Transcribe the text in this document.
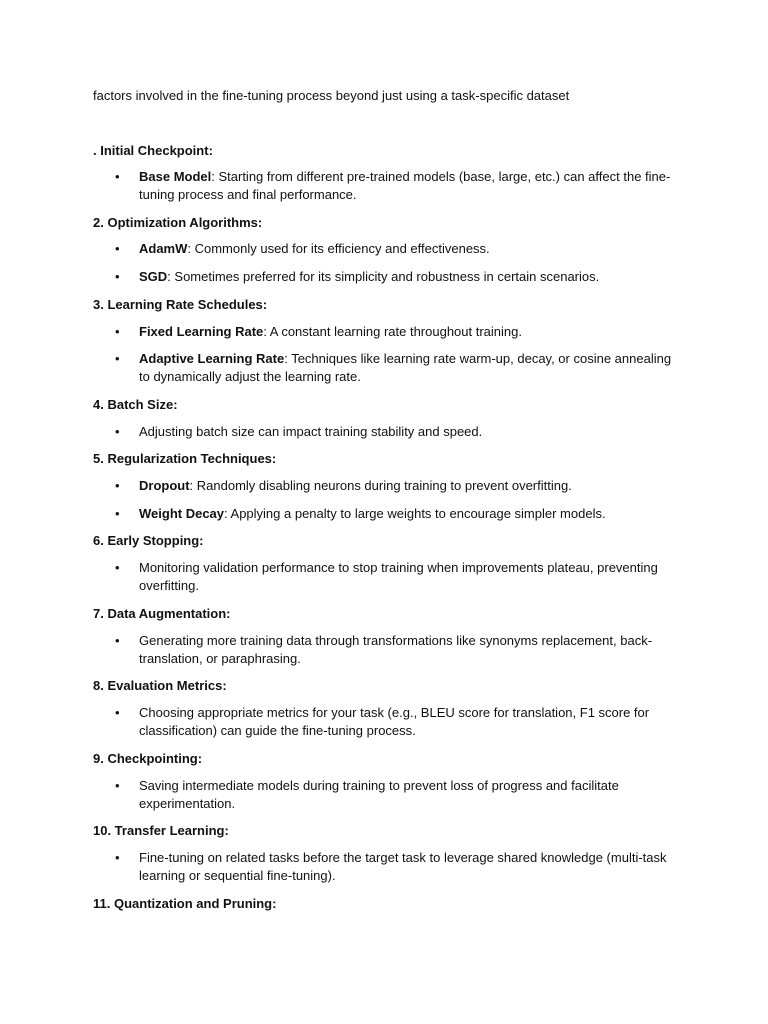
factors involved in the fine-tuning process beyond just using a task-specific dataset
. Initial Checkpoint:
• Base Model: Starting from different pre-trained models (base, large, etc.) can affect the fine-tuning process and final performance.
2. Optimization Algorithms:
• AdamW: Commonly used for its efficiency and effectiveness.
• SGD: Sometimes preferred for its simplicity and robustness in certain scenarios.
3. Learning Rate Schedules:
• Fixed Learning Rate: A constant learning rate throughout training.
• Adaptive Learning Rate: Techniques like learning rate warm-up, decay, or cosine annealing to dynamically adjust the learning rate.
4. Batch Size:
• Adjusting batch size can impact training stability and speed.
5. Regularization Techniques:
• Dropout: Randomly disabling neurons during training to prevent overfitting.
• Weight Decay: Applying a penalty to large weights to encourage simpler models.
6. Early Stopping:
• Monitoring validation performance to stop training when improvements plateau, preventing overfitting.
7. Data Augmentation:
• Generating more training data through transformations like synonyms replacement, back-translation, or paraphrasing.
8. Evaluation Metrics:
• Choosing appropriate metrics for your task (e.g., BLEU score for translation, F1 score for classification) can guide the fine-tuning process.
9. Checkpointing:
• Saving intermediate models during training to prevent loss of progress and facilitate experimentation.
10. Transfer Learning:
• Fine-tuning on related tasks before the target task to leverage shared knowledge (multi-task learning or sequential fine-tuning).
11. Quantization and Pruning:
